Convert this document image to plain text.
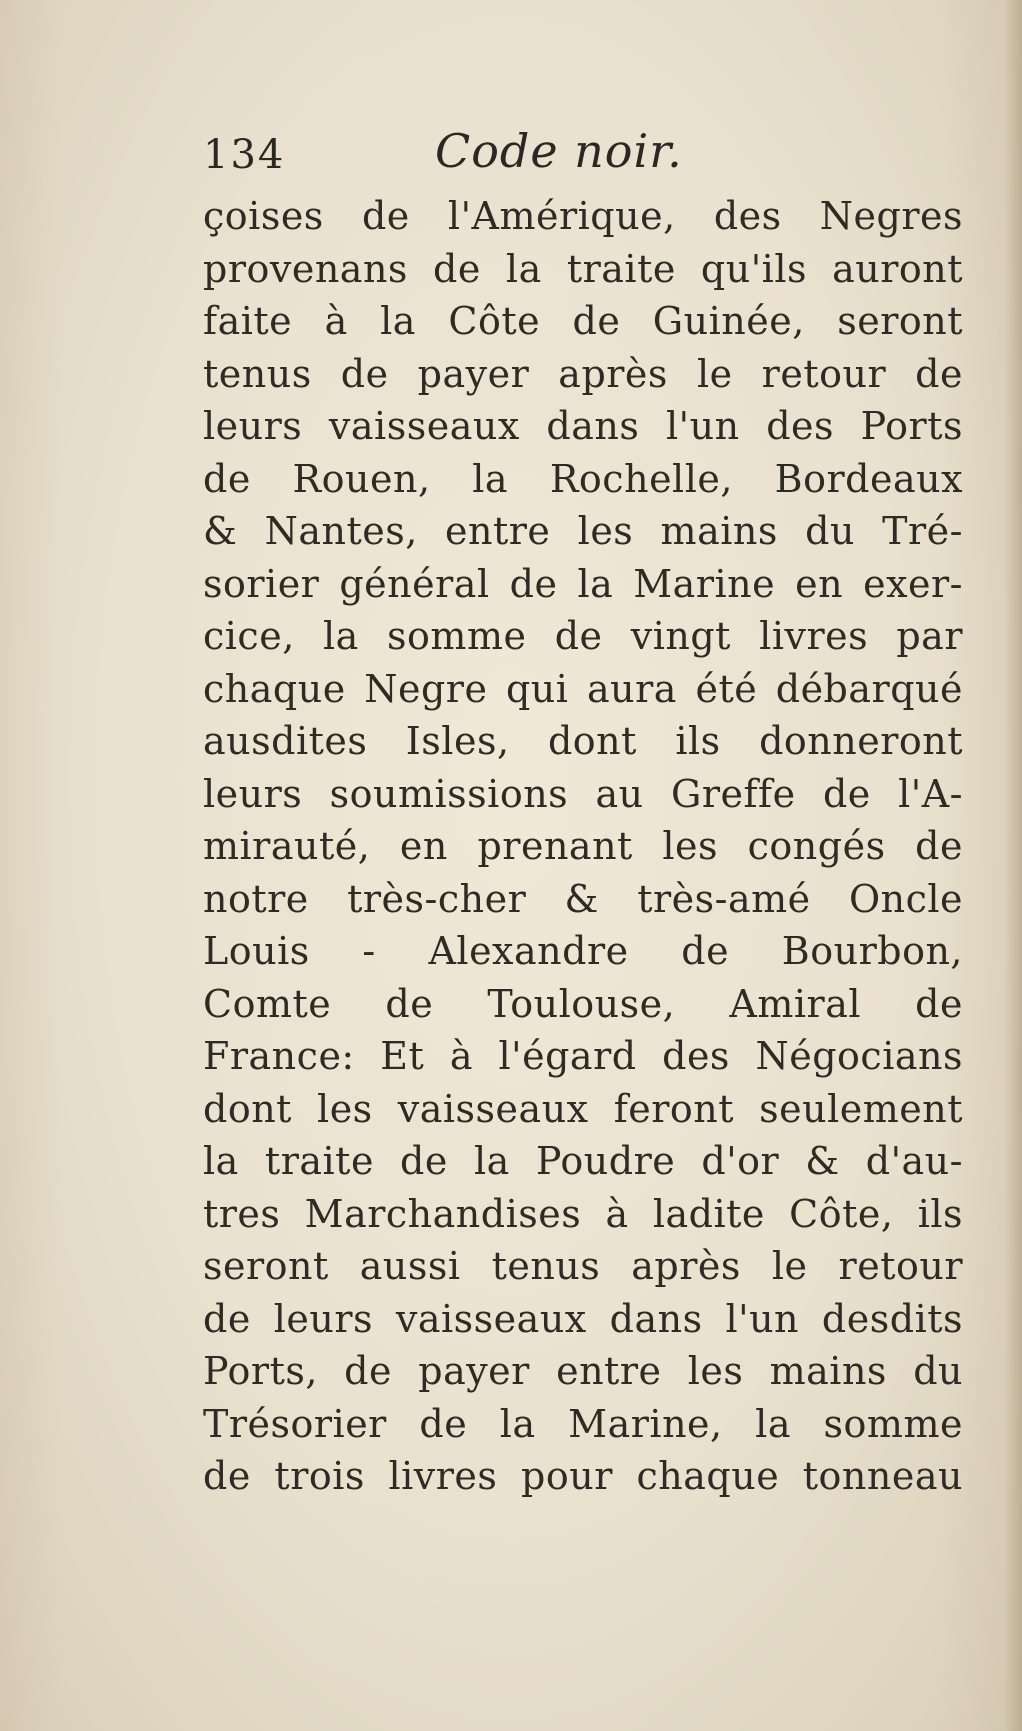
134	Code noir.
çoises de l'Amérique, des Negres
provenans de la traite qu'ils auront
faite à la Côte de Guinée, seront
tenus de payer après le retour de
leurs vaisseaux dans l'un des Ports
de Rouen, la Rochelle, Bordeaux
& Nantes, entre les mains du Tré-
sorier général de la Marine en exer-
cice, la somme de vingt livres par
chaque Negre qui aura été débarqué
ausdites Isles, dont ils donneront
leurs soumissions au Greffe de l'A-
mirauté, en prenant les congés de
notre très-cher & très-amé Oncle
Louis - Alexandre de Bourbon,
Comte de Toulouse, Amiral de
France: Et à l'égard des Négocians
dont les vaisseaux feront seulement
la traite de la Poudre d'or & d'au-
tres Marchandises à ladite Côte, ils
seront aussi tenus après le retour
de leurs vaisseaux dans l'un desdits
Ports, de payer entre les mains du
Trésorier de la Marine, la somme
de trois livres pour chaque tonneau
